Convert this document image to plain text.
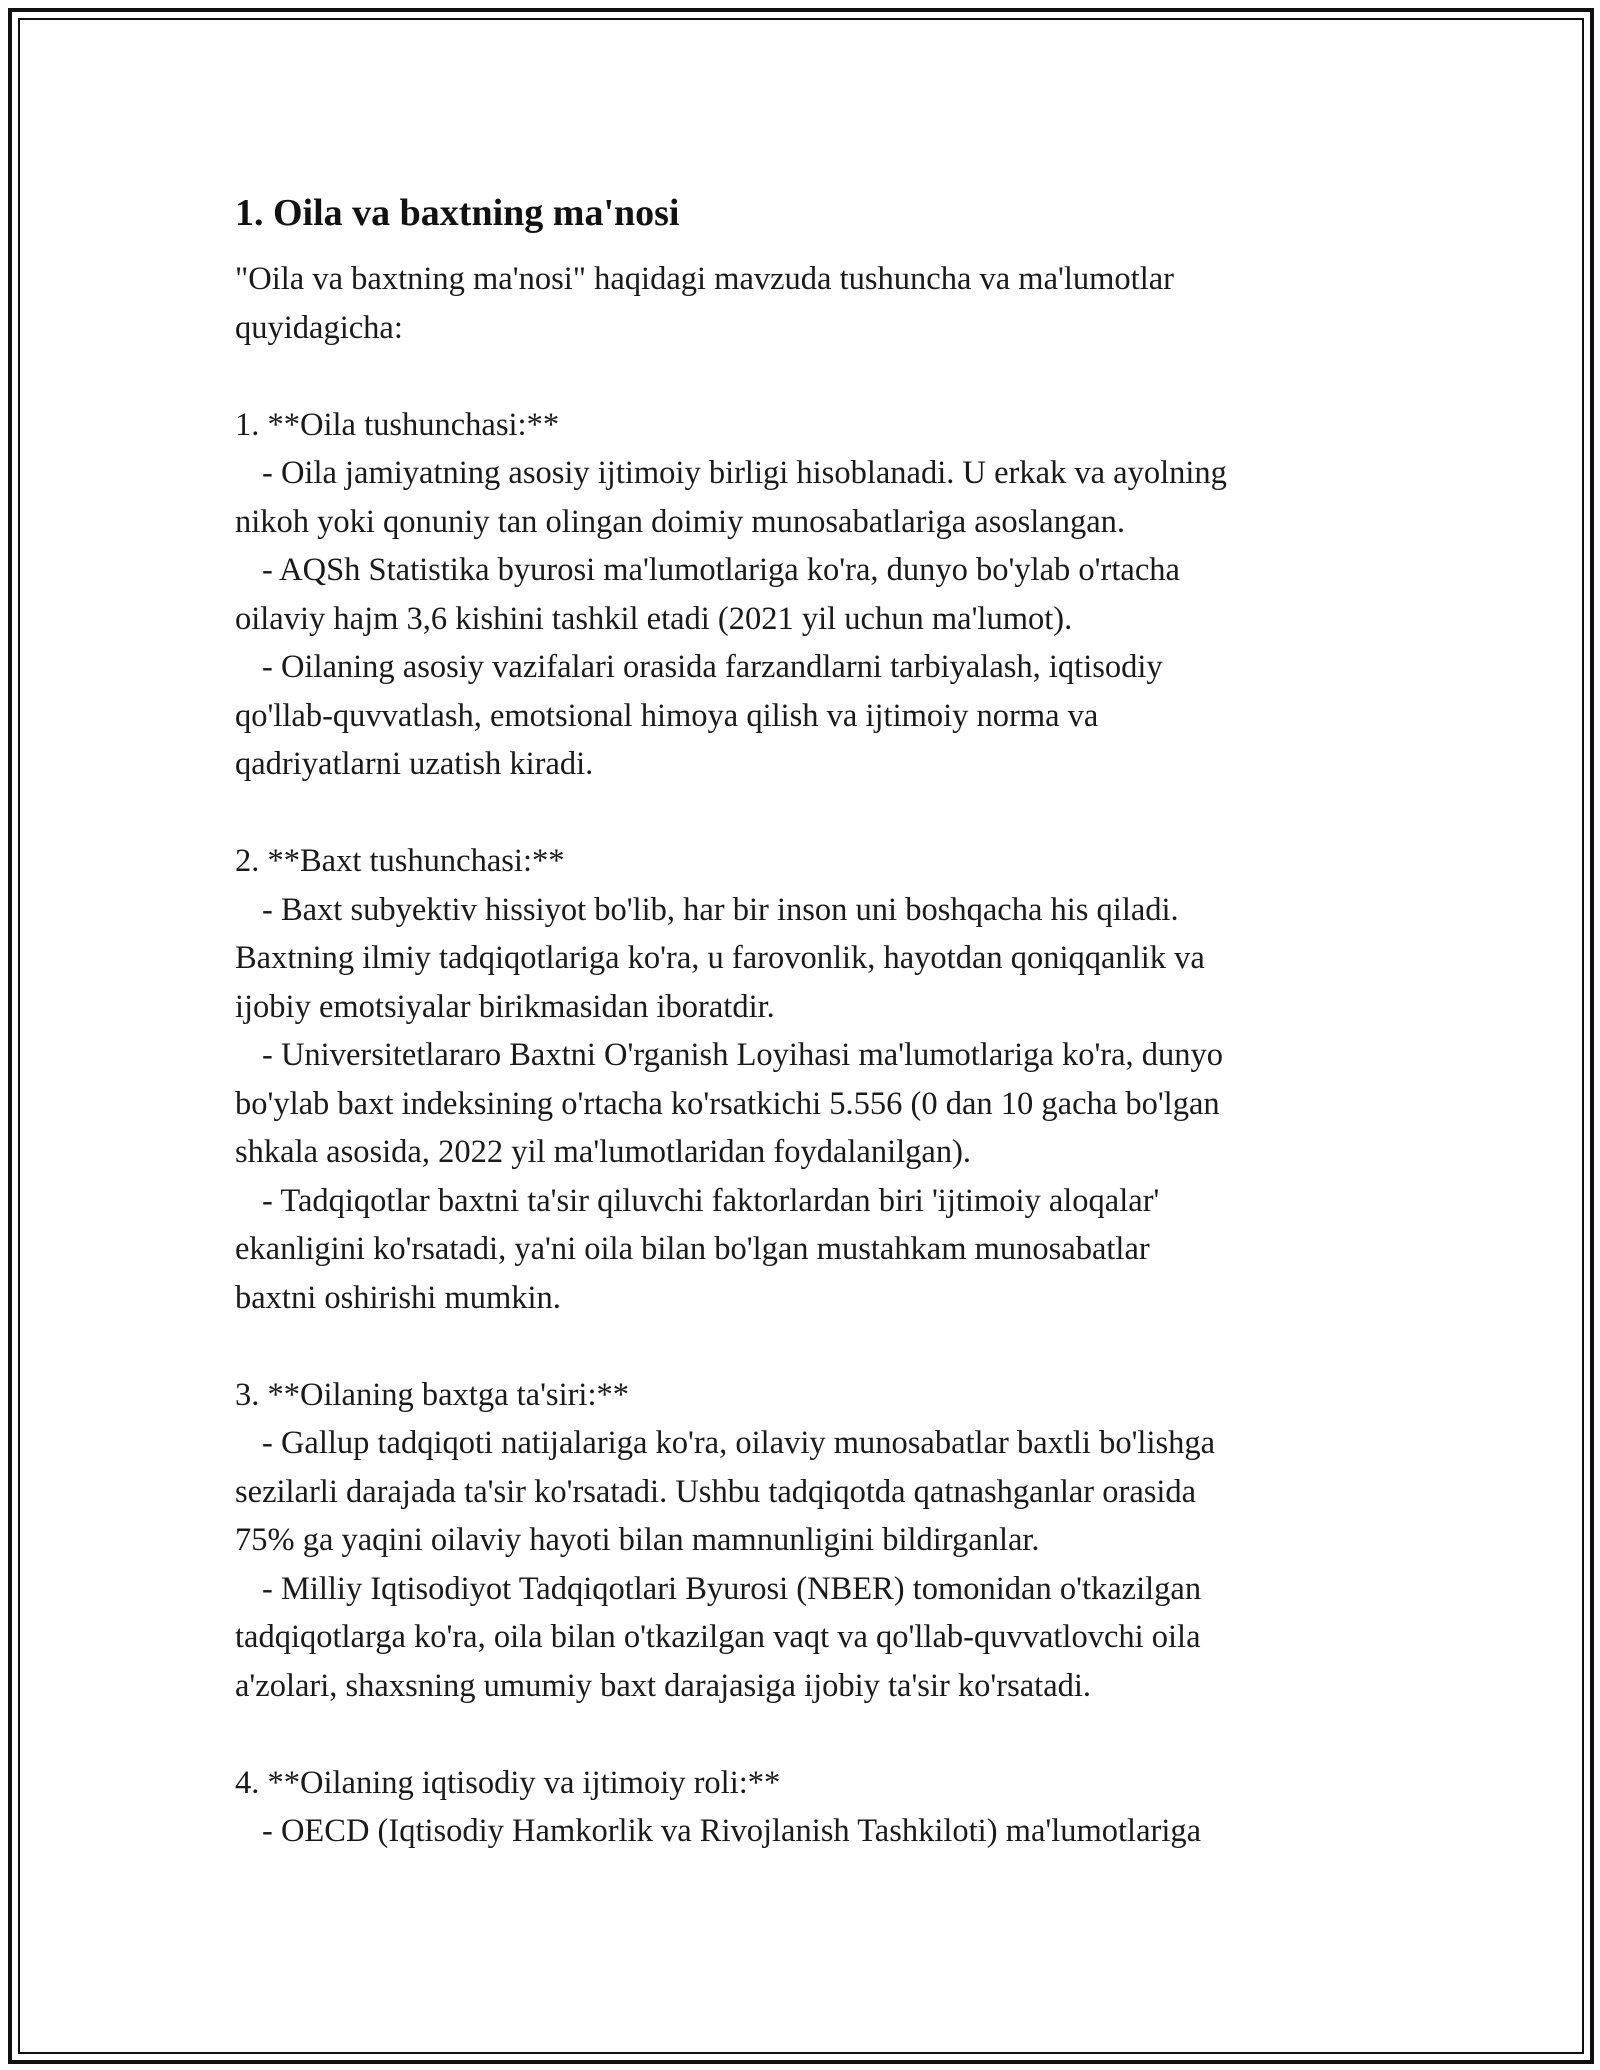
1. Oila va baxtning ma'nosi
"Oila va baxtning ma'nosi" haqidagi mavzuda tushuncha va ma'lumotlar
quyidagicha:
1. **Oila tushunchasi:**
- Oila jamiyatning asosiy ijtimoiy birligi hisoblanadi. U erkak va ayolning
nikoh yoki qonuniy tan olingan doimiy munosabatlariga asoslangan.
- AQSh Statistika byurosi ma'lumotlariga ko'ra, dunyo bo'ylab o'rtacha
oilaviy hajm 3,6 kishini tashkil etadi (2021 yil uchun ma'lumot).
- Oilaning asosiy vazifalari orasida farzandlarni tarbiyalash, iqtisodiy
qo'llab-quvvatlash, emotsional himoya qilish va ijtimoiy norma va
qadriyatlarni uzatish kiradi.
2. **Baxt tushunchasi:**
- Baxt subyektiv hissiyot bo'lib, har bir inson uni boshqacha his qiladi.
Baxtning ilmiy tadqiqotlariga ko'ra, u farovonlik, hayotdan qoniqqanlik va
ijobiy emotsiyalar birikmasidan iboratdir.
- Universitetlararo Baxtni O'rganish Loyihasi ma'lumotlariga ko'ra, dunyo
bo'ylab baxt indeksining o'rtacha ko'rsatkichi 5.556 (0 dan 10 gacha bo'lgan
shkala asosida, 2022 yil ma'lumotlaridan foydalanilgan).
- Tadqiqotlar baxtni ta'sir qiluvchi faktorlardan biri 'ijtimoiy aloqalar'
ekanligini ko'rsatadi, ya'ni oila bilan bo'lgan mustahkam munosabatlar
baxtni oshirishi mumkin.
3. **Oilaning baxtga ta'siri:**
- Gallup tadqiqoti natijalariga ko'ra, oilaviy munosabatlar baxtli bo'lishga
sezilarli darajada ta'sir ko'rsatadi. Ushbu tadqiqotda qatnashganlar orasida
75% ga yaqini oilaviy hayoti bilan mamnunligini bildirganlar.
- Milliy Iqtisodiyot Tadqiqotlari Byurosi (NBER) tomonidan o'tkazilgan
tadqiqotlarga ko'ra, oila bilan o'tkazilgan vaqt va qo'llab-quvvatlovchi oila
a'zolari, shaxsning umumiy baxt darajasiga ijobiy ta'sir ko'rsatadi.
4. **Oilaning iqtisodiy va ijtimoiy roli:**
- OECD (Iqtisodiy Hamkorlik va Rivojlanish Tashkiloti) ma'lumotlariga
